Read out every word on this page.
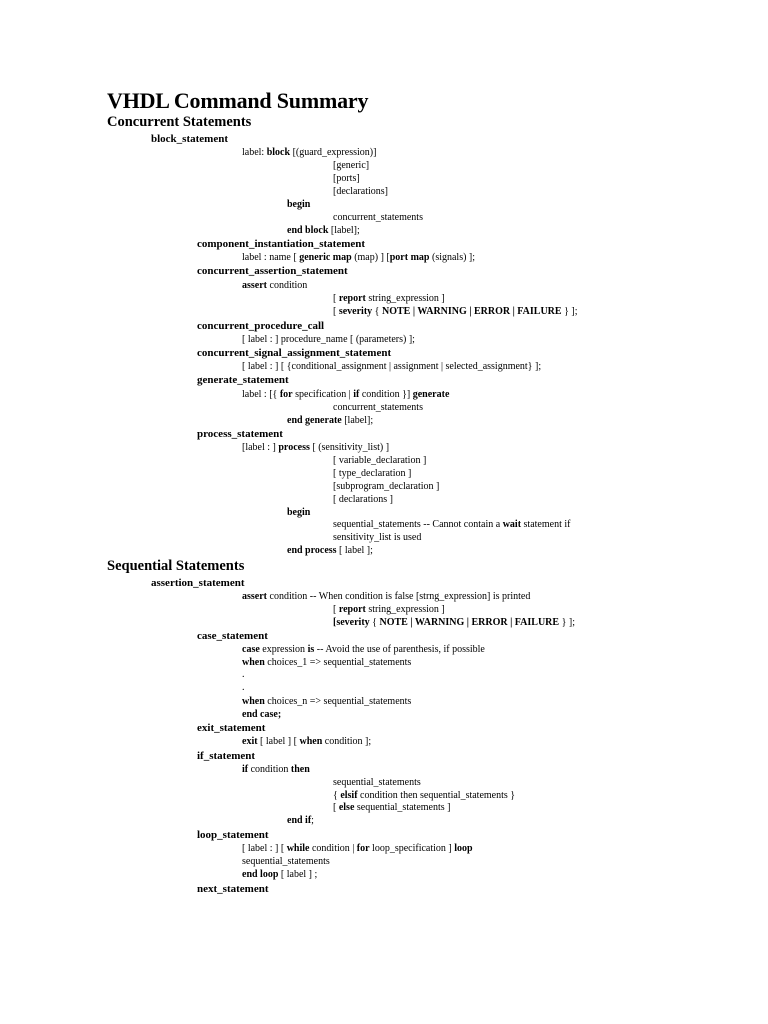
VHDL Command Summary
Concurrent Statements
block_statement
label: block [(guard_expression)]
[generic]
[ports]
[declarations]
begin
concurrent_statements
end block [label];
component_instantiation_statement
label : name [ generic map (map) ] [port map (signals) ];
concurrent_assertion_statement
assert condition
[ report string_expression ]
[ severity { NOTE | WARNING | ERROR | FAILURE } ];
concurrent_procedure_call
[ label : ] procedure_name [ (parameters) ];
concurrent_signal_assignment_statement
[ label : ] [ {conditional_assignment | assignment | selected_assignment} ];
generate_statement
label : [{ for specification | if condition }] generate
concurrent_statements
end generate [label];
process_statement
[label : ] process [ (sensitivity_list) ]
[ variable_declaration ]
[ type_declaration ]
[subprogram_declaration ]
[ declarations ]
begin
sequential_statements -- Cannot contain a wait statement if
sensitivity_list is used
end process [ label ];
Sequential Statements
assertion_statement
assert condition -- When condition is false [strng_expression] is printed
[ report string_expression ]
[severity { NOTE | WARNING | ERROR | FAILURE } ];
case_statement
case expression is -- Avoid the use of parenthesis, if possible
when choices_1 => sequential_statements
.
.
when choices_n => sequential_statements
end case;
exit_statement
exit [ label ] [ when condition ];
if_statement
if condition then
sequential_statements
{ elsif condition then sequential_statements }
[ else sequential_statements ]
end if;
loop_statement
[ label : ] [ while condition | for loop_specification ] loop
sequential_statements
end loop [ label ] ;
next_statement
